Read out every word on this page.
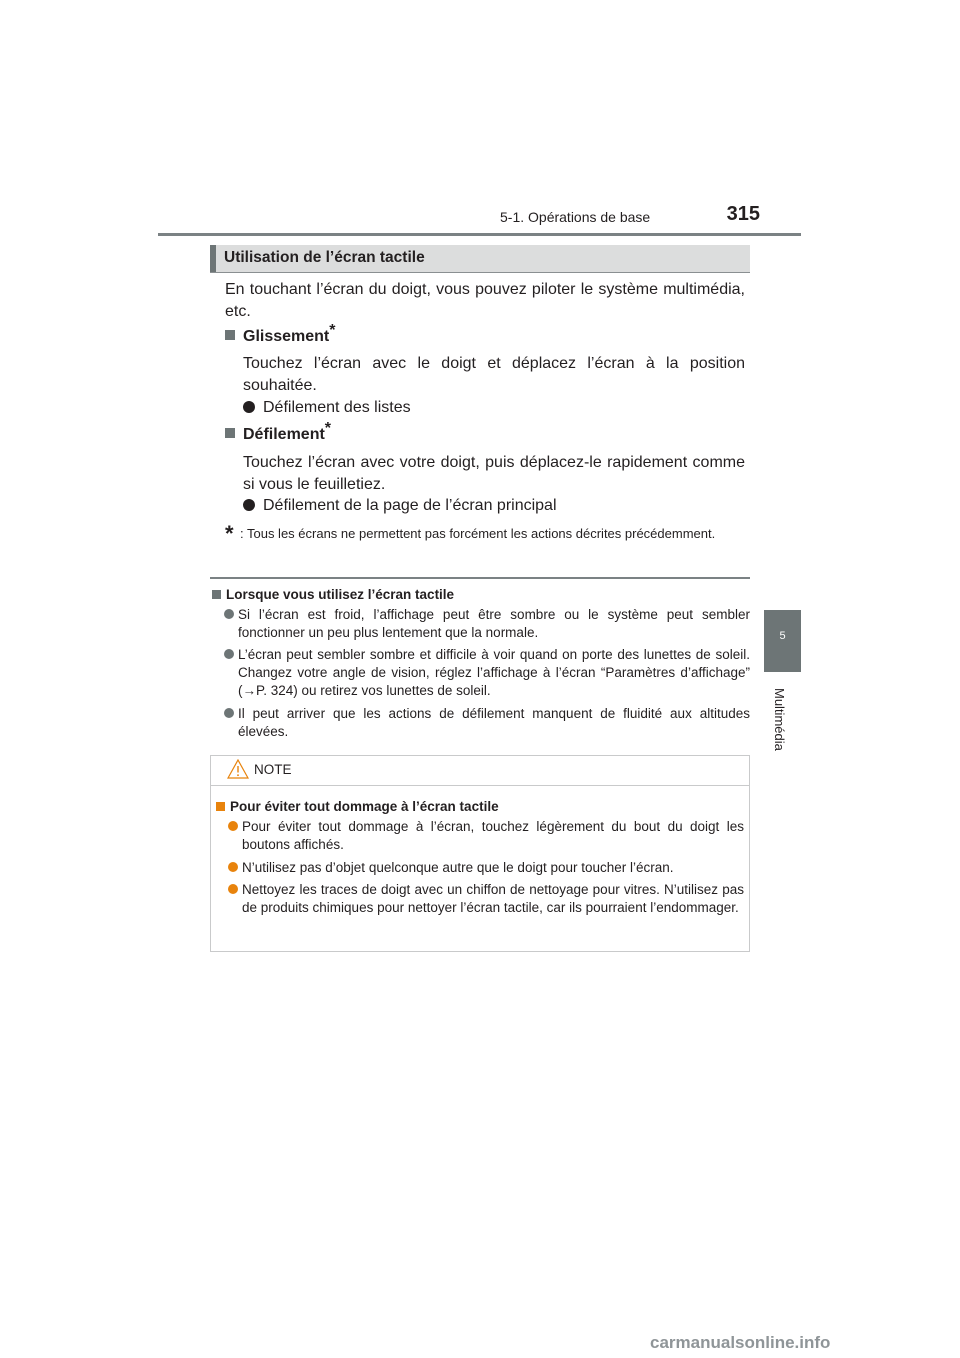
5-1. Opérations de base	315
5
Multimédia
Utilisation de l’écran tactile
En touchant l’écran du doigt, vous pouvez piloter le système multimédia, etc.
Glissement*
Touchez l’écran avec le doigt et déplacez l’écran à la position souhaitée.
Défilement des listes
Défilement*
Touchez l’écran avec votre doigt, puis déplacez-le rapidement comme si vous le feuilletiez.
Défilement de la page de l’écran principal
* : Tous les écrans ne permettent pas forcément les actions décrites précédemment.
Lorsque vous utilisez l’écran tactile
Si l’écran est froid, l’affichage peut être sombre ou le système peut sembler fonctionner un peu plus lentement que la normale.
L’écran peut sembler sombre et difficile à voir quand on porte des lunettes de soleil. Changez votre angle de vision, réglez l’affichage à l’écran “Paramètres d’affichage” (→P. 324) ou retirez vos lunettes de soleil.
Il peut arriver que les actions de défilement manquent de fluidité aux altitudes élevées.
NOTE
Pour éviter tout dommage à l’écran tactile
Pour éviter tout dommage à l’écran, touchez légèrement du bout du doigt les boutons affichés.
N’utilisez pas d’objet quelconque autre que le doigt pour toucher l’écran.
Nettoyez les traces de doigt avec un chiffon de nettoyage pour vitres. N’utilisez pas de produits chimiques pour nettoyer l’écran tactile, car ils pourraient l’endommager.
carmanualsonline.info
